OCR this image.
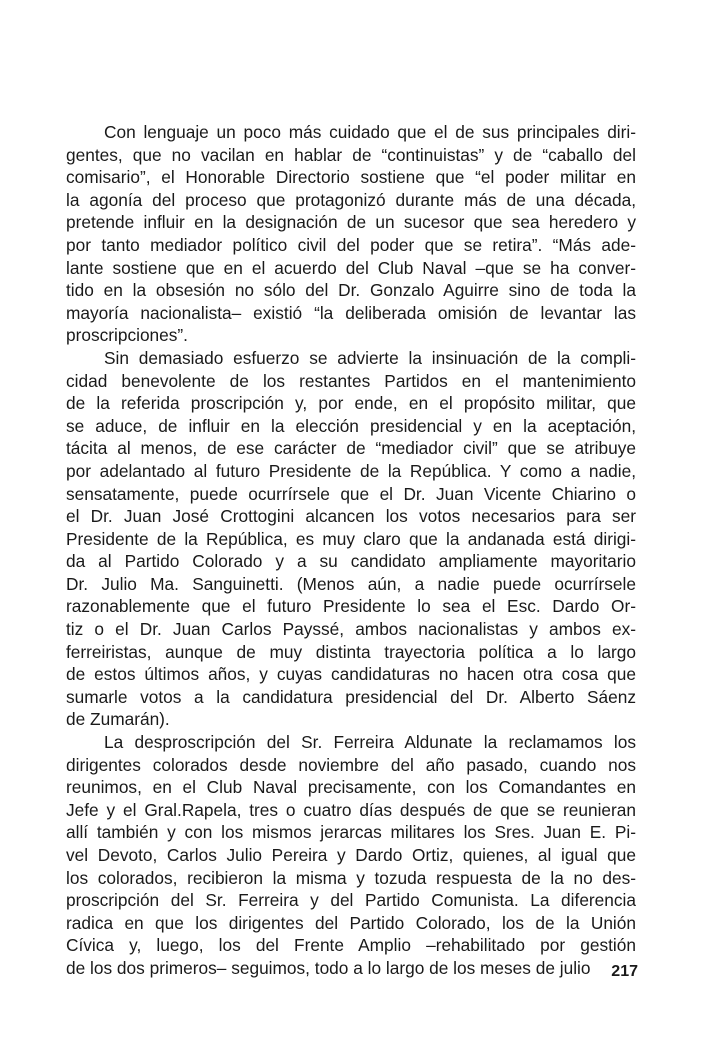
Con lenguaje un poco más cuidado que el de sus principales diri-
gentes, que no vacilan en hablar de “continuistas” y de “caballo del
comisario”, el Honorable Directorio sostiene que “el poder militar en
la agonía del proceso que protagonizó durante más de una década,
pretende influir en la designación de un sucesor que sea heredero y
por tanto mediador político civil del poder que se retira”. “Más ade-
lante sostiene que en el acuerdo del Club Naval –que se ha conver-
tido en la obsesión no sólo del Dr. Gonzalo Aguirre sino de toda la
mayoría nacionalista– existió “la deliberada omisión de levantar las
proscripciones”.
Sin demasiado esfuerzo se advierte la insinuación de la compli-
cidad benevolente de los restantes Partidos en el mantenimiento
de la referida proscripción y, por ende, en el propósito militar, que
se aduce, de influir en la elección presidencial y en la aceptación,
tácita al menos, de ese carácter de “mediador civil” que se atribuye
por adelantado al futuro Presidente de la República. Y como a nadie,
sensatamente, puede ocurrírsele que el Dr. Juan Vicente Chiarino o
el Dr. Juan José Crottogini alcancen los votos necesarios para ser
Presidente de la República, es muy claro que la andanada está dirigi-
da al Partido Colorado y a su candidato ampliamente mayoritario
Dr. Julio Ma. Sanguinetti. (Menos aún, a nadie puede ocurrírsele
razonablemente que el futuro Presidente lo sea el Esc. Dardo Or-
tiz o el Dr. Juan Carlos Payssé, ambos nacionalistas y ambos ex-
ferreiristas, aunque de muy distinta trayectoria política a lo largo
de estos últimos años, y cuyas candidaturas no hacen otra cosa que
sumarle votos a la candidatura presidencial del Dr. Alberto Sáenz
de Zumarán).
La desproscripción del Sr. Ferreira Aldunate la reclamamos los
dirigentes colorados desde noviembre del año pasado, cuando nos
reunimos, en el Club Naval precisamente, con los Comandantes en
Jefe y el Gral.Rapela, tres o cuatro días después de que se reunieran
allí también y con los mismos jerarcas militares los Sres. Juan E. Pi-
vel Devoto, Carlos Julio Pereira y Dardo Ortiz, quienes, al igual que
los colorados, recibieron la misma y tozuda respuesta de la no des-
proscripción del Sr. Ferreira y del Partido Comunista. La diferencia
radica en que los dirigentes del Partido Colorado, los de la Unión
Cívica y, luego, los del Frente Amplio –rehabilitado por gestión
de los dos primeros– seguimos, todo a lo largo de los meses de julio	217
